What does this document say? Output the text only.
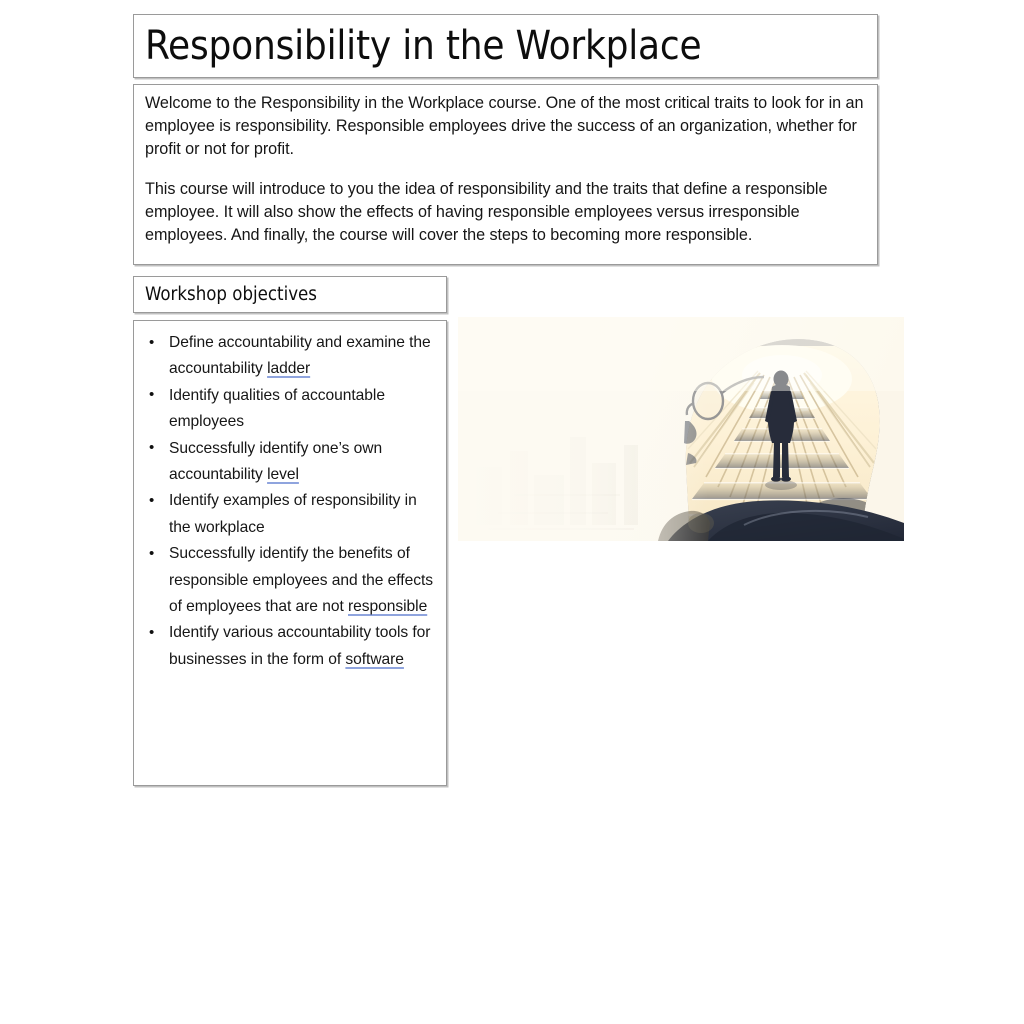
Responsibility in the Workplace

Welcome to the Responsibility in the Workplace course. One of the most critical traits to look for in an employee is responsibility. Responsible employees drive the success of an organization, whether for profit or not for profit.

This course will introduce to you the idea of responsibility and the traits that define a responsible employee. It will also show the effects of having responsible employees versus irresponsible employees. And finally, the course will cover the steps to becoming more responsible.

Workshop objectives
• Define accountability and examine the accountability ladder
• Identify qualities of accountable employees
• Successfully identify one’s own accountability level
• Identify examples of responsibility in the workplace
• Successfully identify the benefits of responsible employees and the effects of employees that are not responsible
• Identify various accountability tools for businesses in the form of software
